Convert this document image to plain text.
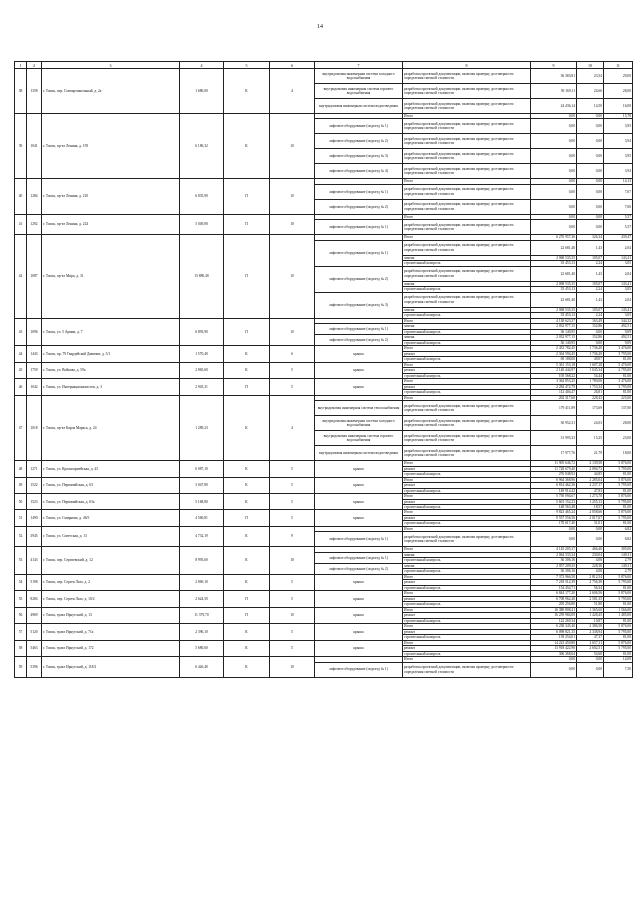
14
1	2	3	4	5	6	7	8	9	10	11
38	1358	г. Томск, пер. Совпартшкольный, д. 2а	1 680,00	К	4	внутридомовая инженерная система холодного водоснабжения	разработка проектной документации, включая проверку достоверности определения сметной стоимости	36 383,81	23,54	29,00
						внутридомовая инженерная система горячего водоснабжения	разработка проектной документации, включая проверку достоверности определения сметной стоимости	39 169,11	24,66	28,00
						внутридомовая инженерная система водоотведения	разработка проектной документации, включая проверку достоверности определения сметной стоимости	24 436,14	14,50	16,00
39	1041	г. Томск, пр-кт Ленина, д. 195	6 186,32	К	10		Итого	0,00	0,00	15,78
						лифтовое оборудование (подъезд № 1)	разработка проектной документации, включая проверку достоверности определения сметной стоимости	0,00	0,00	3,95
						лифтовое оборудование (подъезд № 2)	разработка проектной документации, включая проверку достоверности определения сметной стоимости	0,00	0,00	3,94
						лифтовое оборудование (подъезд № 3)	разработка проектной документации, включая проверку достоверности определения сметной стоимости	0,00	0,00	3,95
						лифтовое оборудование (подъезд № 4)	разработка проектной документации, включая проверку достоверности определения сметной стоимости	0,00	0,00	3,94
40	1284	г. Томск, пр-кт Ленина, д. 210	6 835,90	П	10		Итого	0,00	0,00	14,13
						лифтовое оборудование (подъезд № 1)	разработка проектной документации, включая проверку достоверности определения сметной стоимости	0,00	0,00	7,07
						лифтовое оборудование (подъезд № 2)	разработка проектной документации, включая проверку достоверности определения сметной стоимости	0,00	0,00	7,06
41	1292	г. Томск, пр-кт Ленина, д. 224	5 049,80	П	10		Итого	0,00	0,00	5,57
						лифтовое оборудование (подъезд № 1)	разработка проектной документации, включая проверку достоверности определения сметной стоимости	0,00	0,00	5,57
42	1087	г. Томск, пр-кт Мира, д. 31	15 880,40	П	10		Итого	6 270 957,36	326,34	439,47
						лифтовое оборудование (подъезд № 1)	разработка проектной документации, включая проверку достоверности определения сметной стоимости	22 681,40	1,43	2,04
							замена	2 068 535,35	105,07	143,41
							строительный контроль	35 453,13	2,24	3,05
						лифтовое оборудование (подъезд № 2)	разработка проектной документации, включая проверку достоверности определения сметной стоимости	22 681,40	1,43	2,04
							замена	2 068 535,35	105,07	143,41
							строительный контроль	35 453,13	2,24	3,05
						лифтовое оборудование (подъезд № 3)	разработка проектной документации, включая проверку достоверности определения сметной стоимости	22 681,40	1,43	2,04
							замена	2 068 535,35	105,07	143,41
							строительный контроль	35 453,13	2,24	3,05
43	1096	г. Томск, ул. 5 Армии, д. 7	6 893,90	П	10		Итого	4 138 623,37	163,49	344,32
						лифтовое оборудование (подъезд № 1)	замена	2 032 977,15	152,86	492,51
							строительный контроль	36 140,95	0,00	9,09
						лифтовое оборудование (подъезд № 2)	замена	2 032 977,15	152,86	492,51
							строительный контроль	36 140,95	0,00	9,09
44	1443	г. Томск, пр. 79 Гвардейской Дивизии, д. 5/1	1 570,40	К	6	крыша	Итого	2 433 782,45	1 736,20	3 476,00
							ремонт	2 364 594,45	1 736,20	3 795,00
							строительный контроль	69 188,00	49,07	81,00
45	1759	г. Томск, ул. Войкова, д. 59а	2 865,60	К	5	крыша	Итого	5 361 153,18	1 607,28	5 476,00
							ремонт	2 140 444,97	1 045,34	2 795,00
							строительный контроль	105 568,22	54,44	81,00
46	1042	г. Томск, ул. Интернационалистов, д. 3	2 945,31	П	5	крыша	Итого	3 364 853,25	1 780,06	3 476,00
							ремонт	2 284 472,79	1 753,34	3 795,00
							строительный контроль	112 404,47	26,81	81,00
47	1018	г. Томск, пр-кт Карла Маркса, д. 24	1 289,23	К	4		Итого	202 317,60	228,43	225,00
						внутридомовая инженерная система теплоснабжения	разработка проектной документации, включая проверку достоверности определения сметной стоимости	179 411,89	173,69	137,00
						внутридомовая инженерная система холодного водоснабжения	разработка проектной документации, включая проверку достоверности определения сметной стоимости	30 952,31	24,03	28,00
						внутридомовая инженерная система горячего водоснабжения	разработка проектной документации, включая проверку достоверности определения сметной стоимости	31 995,33	15,25	23,00
						внутридомовая инженерная система водоотведения	разработка проектной документации, включая проверку достоверности определения сметной стоимости	17 977,76	21,79	18,00
48	1271	г. Томск, ул. Красноармейская, д. 43	6 087,10	К	5	крыша	Итого	11 905 646,72	2 139,58	5 876,00
							ремонт	11 728 679,40	2 094,73	5 795,00
							строительный контроль	276 948,92	44,85	81,00
49	1522	г. Томск, ул. Первомайская, д. 63	3 047,80	К	5	крыша	Итого	6 964 368,96	2 285,04	5 876,00
							ремонт	6 814 462,36	2 237,17	5 795,00
							строительный контроль	149 914,42	47,83	81,00
50	1523	г. Томск, ул. Первомайская, д. 63а	5 168,80	К	5	крыша	Итого	5 750 094,67	1 273,70	5 876,00
							ремонт	5 601 152,23	1 255,13	5 795,00
							строительный контроль	148 563,48	18,57	81,00
51	1490	г. Томск, ул. Смирнова, д. 46/5	4 560,81	П	5	крыша	Итого	9 823 465,24	2 058,66	5 876,00
							ремонт	9 557 556,56	2 017,67	5 795,00
							строительный контроль	170 617,40	31,01	81,00
52	3945	г. Томск, ул. Советская, д. 13	4 732,19	К	9		Итого	0,00	0,00	6,82
						лифтовое оборудование (подъезд № 1)	разработка проектной документации, включая проверку достоверности определения сметной стоимости	0,00	0,00	6,82
53	4143	г. Томск, пер. Сергиевский, д. 12	8 993,60	К	10		Итого	4 145 205,37	466,40	305,00
						лифтовое оборудование (подъезд № 1)	замена	2 064 333,34	230,04	149,31
							строительный контроль	36 306,16	4,06	2,79
						лифтовое оборудование (подъезд № 2)	замена	2 057 209,35	228,36	149,31
							строительный контроль	36 306,16	4,06	2,79
54	5198	г. Томск, пер. Сергея Лазо, д. 2	2 869,10	К	5	крыша	Итого	7 372 966,50	2 812,54	5 876,00
							ремонт	7 218 512,39	2 756,38	5 795,00
							строительный контроль	154 454,71	56,34	81,00
55	8284	г. Томск, пер. Сергея Лазо, д. 10/2	2 624,50	П	5	крыша	Итого	6 844 177,20	2 606,56	5 876,00
							ремонт	6 708 962,40	2 581,35	5 795,00
							строительный контроль	205 256,80	51,80	81,00
56	4969	г. Томск, тракт Иркутский, д. 13	11 379,70	П	10	крыша	Итого	16 380 808,41	1 365,60	1 566,00
							ремонт	16 259 984,09	1 428,45	1 485,00
							строительный контроль	122 269,34	10,87	81,00
57	5120	г. Томск, тракт Иркутский, д. 71а	2 396,10	К	5	крыша	Итого	6 238 345,40	2 386,58	5 876,00
							ремонт	6 098 821,35	2 338,94	5 795,00
							строительный контроль	139 254,01	47,37	81,00
58	5463	г. Томск, тракт Иркутский, д. 172	5 680,60	К	5	крыша	Итого	14 223 450,80	2 657,11	5 876,00
							ремонт	13 918 422,90	2 602,51	5 795,00
							строительный контроль	306 368,64	54,60	81,00
59	5396	г. Томск, тракт Иркутский, д. 118/2	6 426,40	К	10		Итого	0,00	0,00	14,09
						лифтовое оборудование (подъезд № 1)	разработка проектной документации, включая проверку достоверности определения сметной стоимости	0,00	0,00	7,50
